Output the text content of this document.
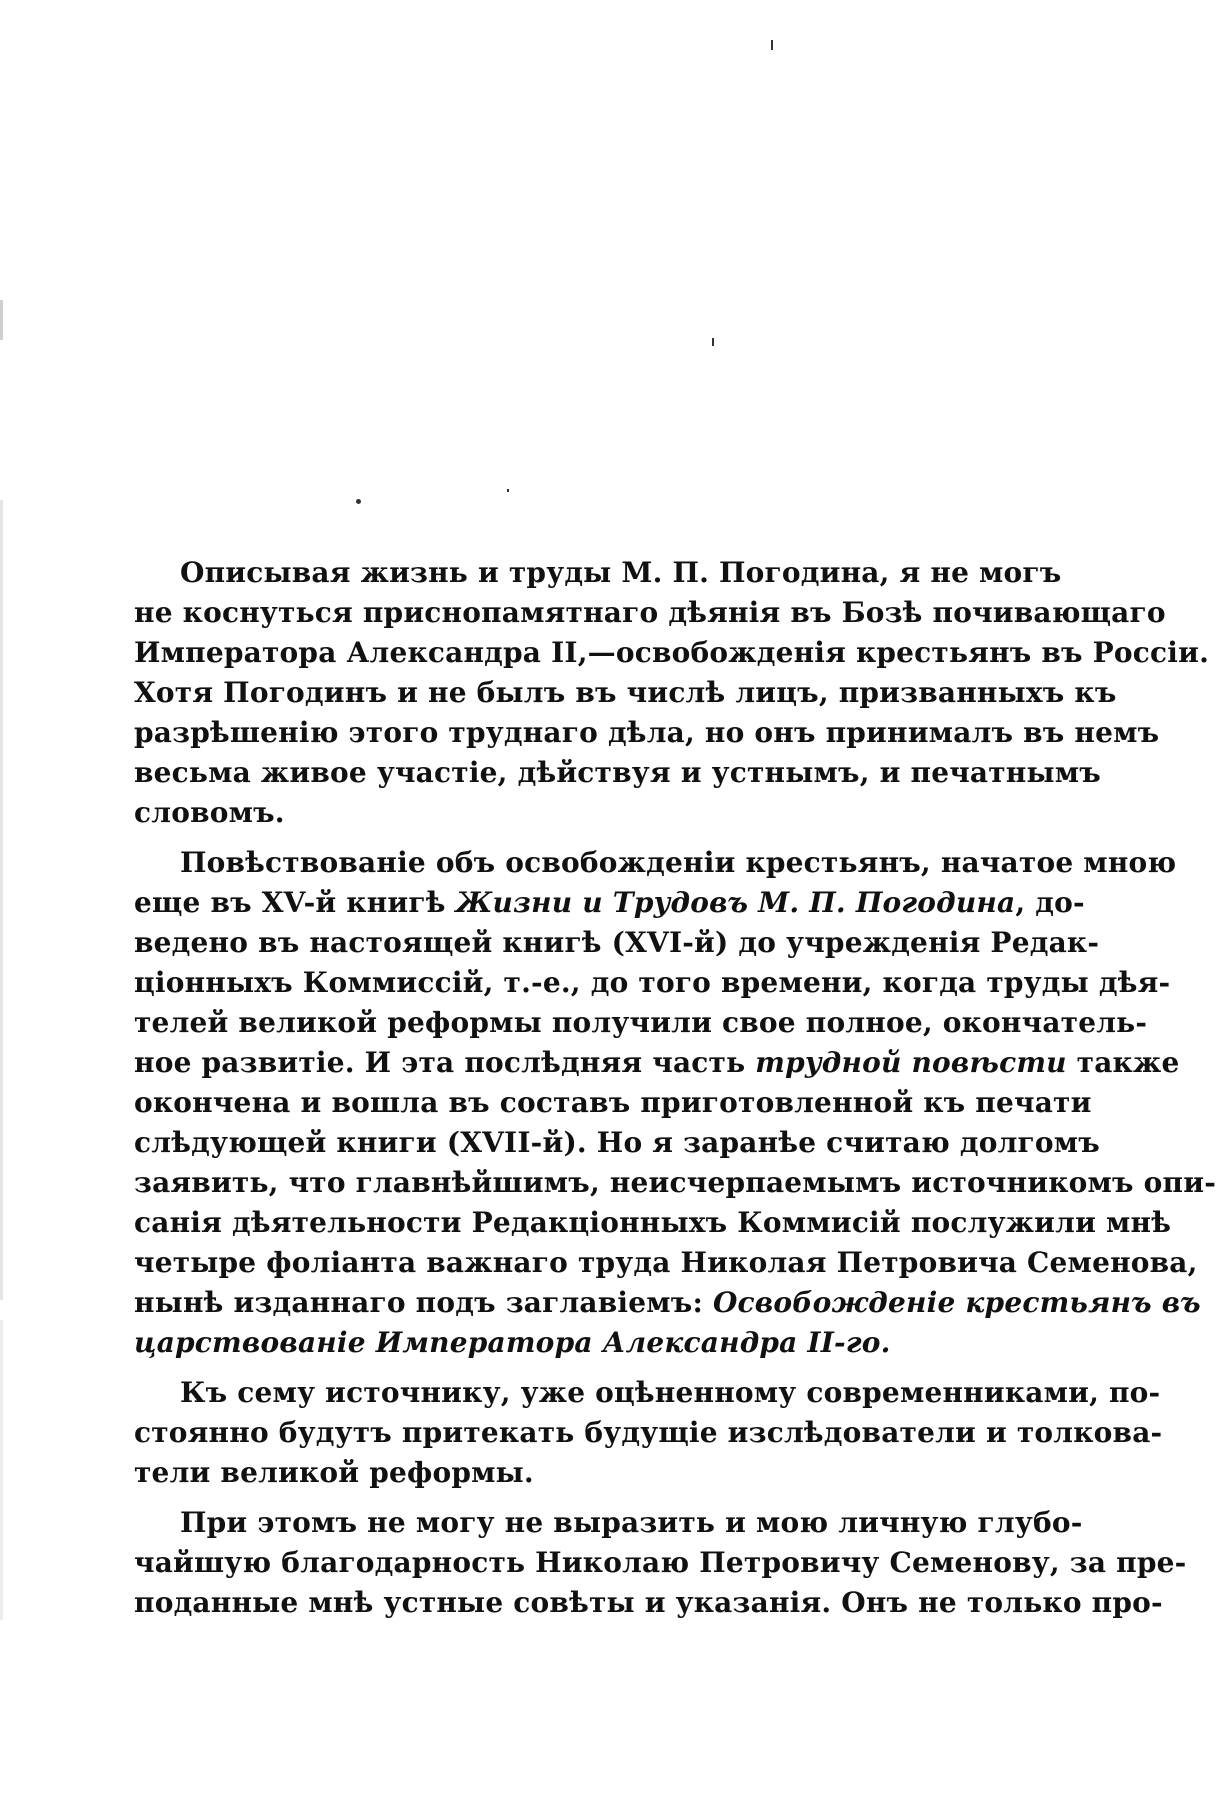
Описывая жизнь и труды М. П. Погодина, я не могъ
не коснуться приснопамятнаго дѣянія въ Бозѣ почивающаго
Императора Александра II,—освобожденія крестьянъ въ Россіи.
Хотя Погодинъ и не былъ въ числѣ лицъ, призванныхъ къ
разрѣшенію этого труднаго дѣла, но онъ принималъ въ немъ
весьма живое участіе, дѣйствуя и устнымъ, и печатнымъ
словомъ.
Повѣствованіе объ освобожденіи крестьянъ, начатое мною
еще въ XV-й книгѣ Жизни и Трудовъ М. П. Погодина, до-
ведено въ настоящей книгѣ (XVI-й) до учрежденія Редак-
ціонныхъ Коммиссій, т.-е., до того времени, когда труды дѣя-
телей великой реформы получили свое полное, окончатель-
ное развитіе. И эта послѣдняя часть трудной повѣсти также
окончена и вошла въ составъ приготовленной къ печати
слѣдующей книги (XVII-й). Но я заранѣе считаю долгомъ
заявить, что главнѣйшимъ, неисчерпаемымъ источникомъ опи-
санія дѣятельности Редакціонныхъ Коммисій послужили мнѣ
четыре фоліанта важнаго труда Николая Петровича Семенова,
нынѣ изданнаго подъ заглавіемъ: Освобожденіе крестьянъ въ
царствованіе Императора Александра II-го.
Къ сему источнику, уже оцѣненному современниками, по-
стоянно будутъ притекать будущіе изслѣдователи и толкова-
тели великой реформы.
При этомъ не могу не выразить и мою личную глубо-
чайшую благодарность Николаю Петровичу Семенову, за пре-
поданные мнѣ устные совѣты и указанія. Онъ не только про-
